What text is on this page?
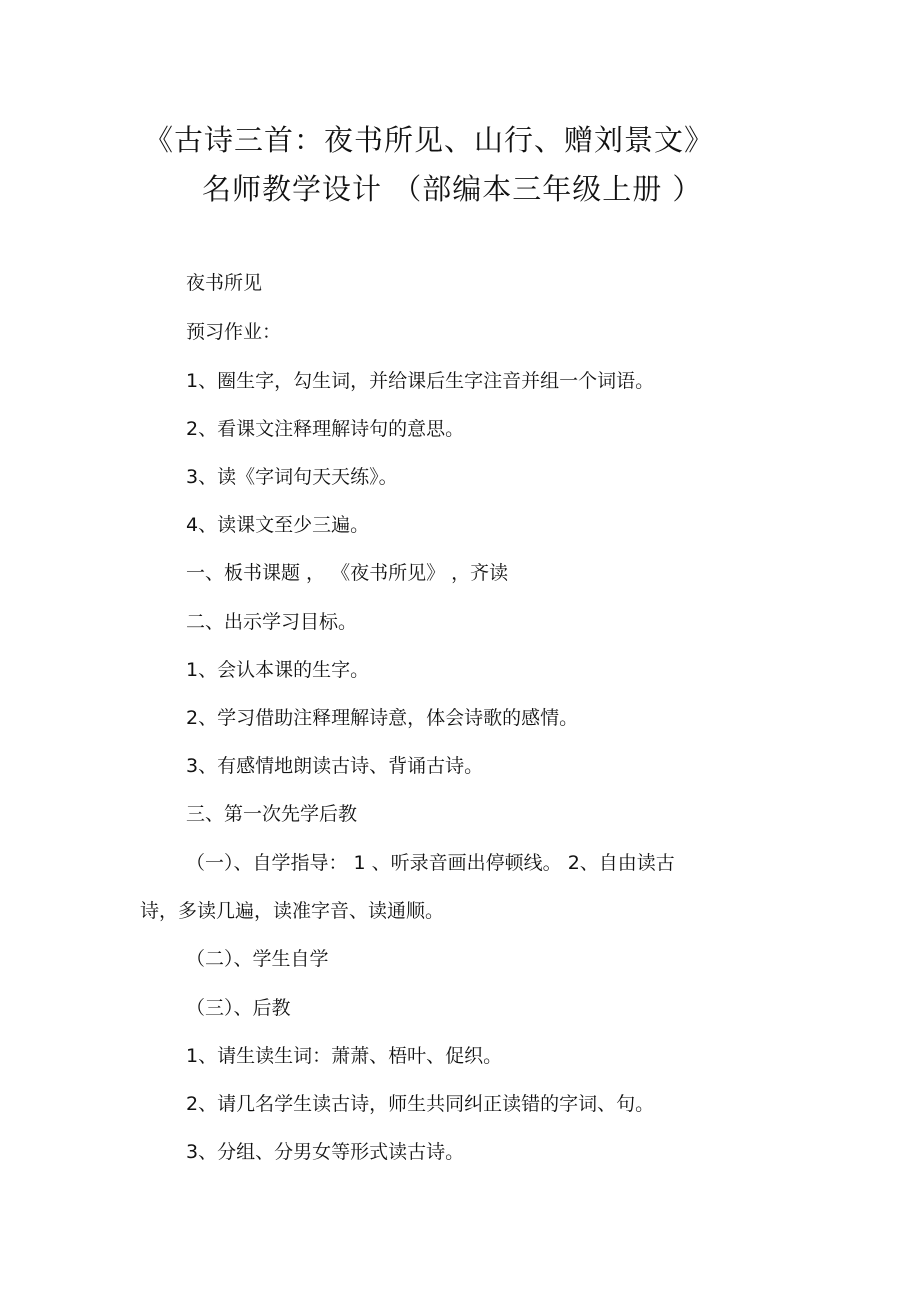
《古诗三首：夜书所见、山行、赠刘景文》
名师教学设计 （部编本三年级上册 ）
夜书所见
预习作业：
1、圈生字，勾生词，并给课后生字注音并组一个词语。
2、看课文注释理解诗句的意思。
3、读《字词句天天练》。
4、读课文至少三遍。
一、板书课题 ， 《夜书所见》 ，齐读
二、出示学习目标。
1、会认本课的生字。
2、学习借助注释理解诗意，体会诗歌的感情。
3、有感情地朗读古诗、背诵古诗。
三、第一次先学后教
（一）、自学指导： 1 、听录音画出停顿线。 2、自由读古
诗，多读几遍，读准字音、读通顺。
（二）、学生自学
（三）、后教
1、请生读生词：萧萧、梧叶、促织。
2、请几名学生读古诗，师生共同纠正读错的字词、句。
3、分组、分男女等形式读古诗。
